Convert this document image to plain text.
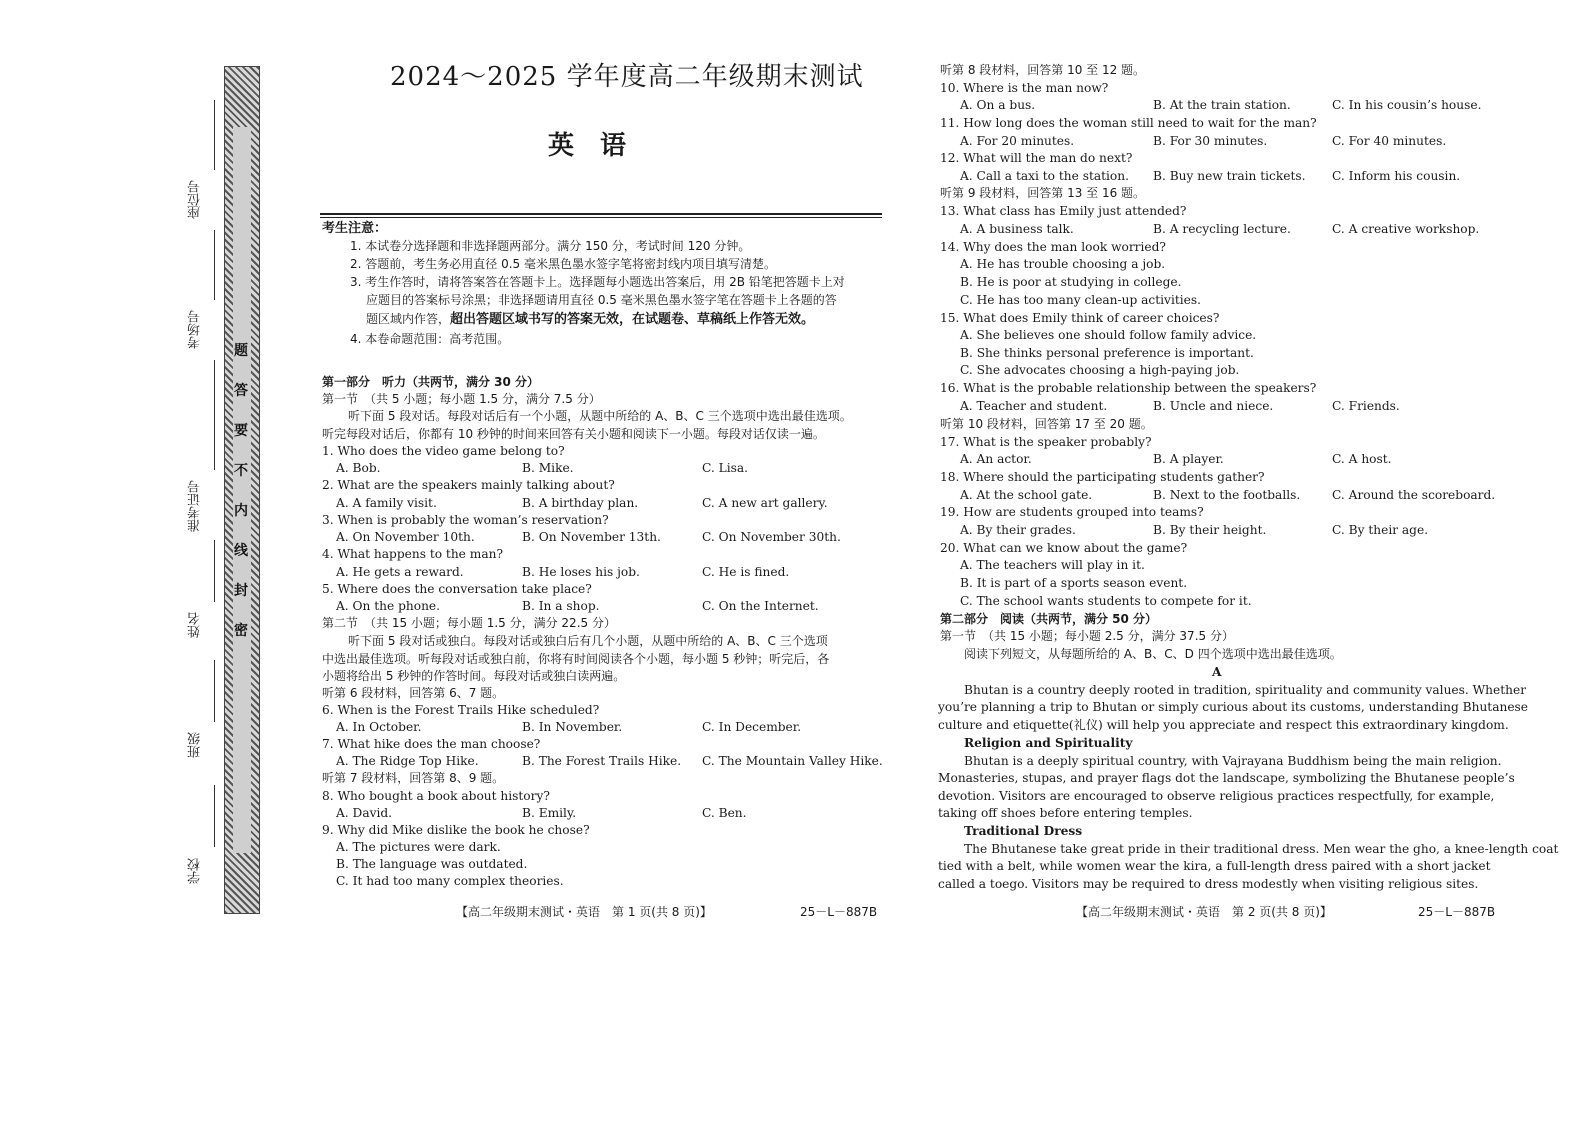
题
答
要
不
内
线
封
密
座位号
考场号
准考证号
姓名
班级
学校
2024～2025 学年度高二年级期末测试
英语
考生注意：
1. 本试卷分选择题和非选择题两部分。满分 150 分，考试时间 120 分钟。
2. 答题前，考生务必用直径 0.5 毫米黑色墨水签字笔将密封线内项目填写清楚。
3. 考生作答时，请将答案答在答题卡上。选择题每小题选出答案后，用 2B 铅笔把答题卡上对
应题目的答案标号涂黑；非选择题请用直径 0.5 毫米黑色墨水签字笔在答题卡上各题的答
题区域内作答，超出答题区域书写的答案无效，在试题卷、草稿纸上作答无效。
4. 本卷命题范围：高考范围。
第一部分　听力（共两节，满分 30 分）
第一节　（共 5 小题；每小题 1.5 分，满分 7.5 分）
听下面 5 段对话。每段对话后有一个小题，从题中所给的 A、B、C 三个选项中选出最佳选项。
听完每段对话后，你都有 10 秒钟的时间来回答有关小题和阅读下一小题。每段对话仅读一遍。
1. Who does the video game belong to?
A. Bob.	B. Mike.	C. Lisa.
2. What are the speakers mainly talking about?
A. A family visit.	B. A birthday plan.	C. A new art gallery.
3. When is probably the woman’s reservation?
A. On November 10th.	B. On November 13th.	C. On November 30th.
4. What happens to the man?
A. He gets a reward.	B. He loses his job.	C. He is fined.
5. Where does the conversation take place?
A. On the phone.	B. In a shop.	C. On the Internet.
第二节　（共 15 小题；每小题 1.5 分，满分 22.5 分）
听下面 5 段对话或独白。每段对话或独白后有几个小题，从题中所给的 A、B、C 三个选项
中选出最佳选项。听每段对话或独白前，你将有时间阅读各个小题，每小题 5 秒钟；听完后，各
小题将给出 5 秒钟的作答时间。每段对话或独白读两遍。
听第 6 段材料，回答第 6、7 题。
6. When is the Forest Trails Hike scheduled?
A. In October.	B. In November.	C. In December.
7. What hike does the man choose?
A. The Ridge Top Hike.	B. The Forest Trails Hike. C. The Mountain Valley Hike.
听第 7 段材料，回答第 8、9 题。
8. Who bought a book about history?
A. David.	B. Emily.	C. Ben.
9. Why did Mike dislike the book he chose?
A. The pictures were dark.
B. The language was outdated.
C. It had too many complex theories.
【高二年级期末测试・英语　第 1 页(共 8 页)】	25－L－887B
听第 8 段材料，回答第 10 至 12 题。
10. Where is the man now?
A. On a bus.	B. At the train station.	C. In his cousin’s house.
11. How long does the woman still need to wait for the man?
A. For 20 minutes.	B. For 30 minutes.	C. For 40 minutes.
12. What will the man do next?
A. Call a taxi to the station. B. Buy new train tickets. C. Inform his cousin.
听第 9 段材料，回答第 13 至 16 题。
13. What class has Emily just attended?
A. A business talk.	B. A recycling lecture.	C. A creative workshop.
14. Why does the man look worried?
A. He has trouble choosing a job.
B. He is poor at studying in college.
C. He has too many clean-up activities.
15. What does Emily think of career choices?
A. She believes one should follow family advice.
B. She thinks personal preference is important.
C. She advocates choosing a high-paying job.
16. What is the probable relationship between the speakers?
A. Teacher and student.	B. Uncle and niece.	C. Friends.
听第 10 段材料，回答第 17 至 20 题。
17. What is the speaker probably?
A. An actor.	B. A player.	C. A host.
18. Where should the participating students gather?
A. At the school gate.	B. Next to the footballs.	C. Around the scoreboard.
19. How are students grouped into teams?
A. By their grades.	B. By their height.	C. By their age.
20. What can we know about the game?
A. The teachers will play in it.
B. It is part of a sports season event.
C. The school wants students to compete for it.
第二部分　阅读（共两节，满分 50 分）
第一节　（共 15 小题；每小题 2.5 分，满分 37.5 分）
阅读下列短文，从每题所给的 A、B、C、D 四个选项中选出最佳选项。
A
Bhutan is a country deeply rooted in tradition, spirituality and community values. Whether
you’re planning a trip to Bhutan or simply curious about its customs, understanding Bhutanese
culture and etiquette(礼仪) will help you appreciate and respect this extraordinary kingdom.
Religion and Spirituality
Bhutan is a deeply spiritual country, with Vajrayana Buddhism being the main religion.
Monasteries, stupas, and prayer flags dot the landscape, symbolizing the Bhutanese people’s
devotion. Visitors are encouraged to observe religious practices respectfully, for example,
taking off shoes before entering temples.
Traditional Dress
The Bhutanese take great pride in their traditional dress. Men wear the gho, a knee-length coat
tied with a belt, while women wear the kira, a full-length dress paired with a short jacket
called a toego. Visitors may be required to dress modestly when visiting religious sites.
【高二年级期末测试・英语　第 2 页(共 8 页)】	25－L－887B
